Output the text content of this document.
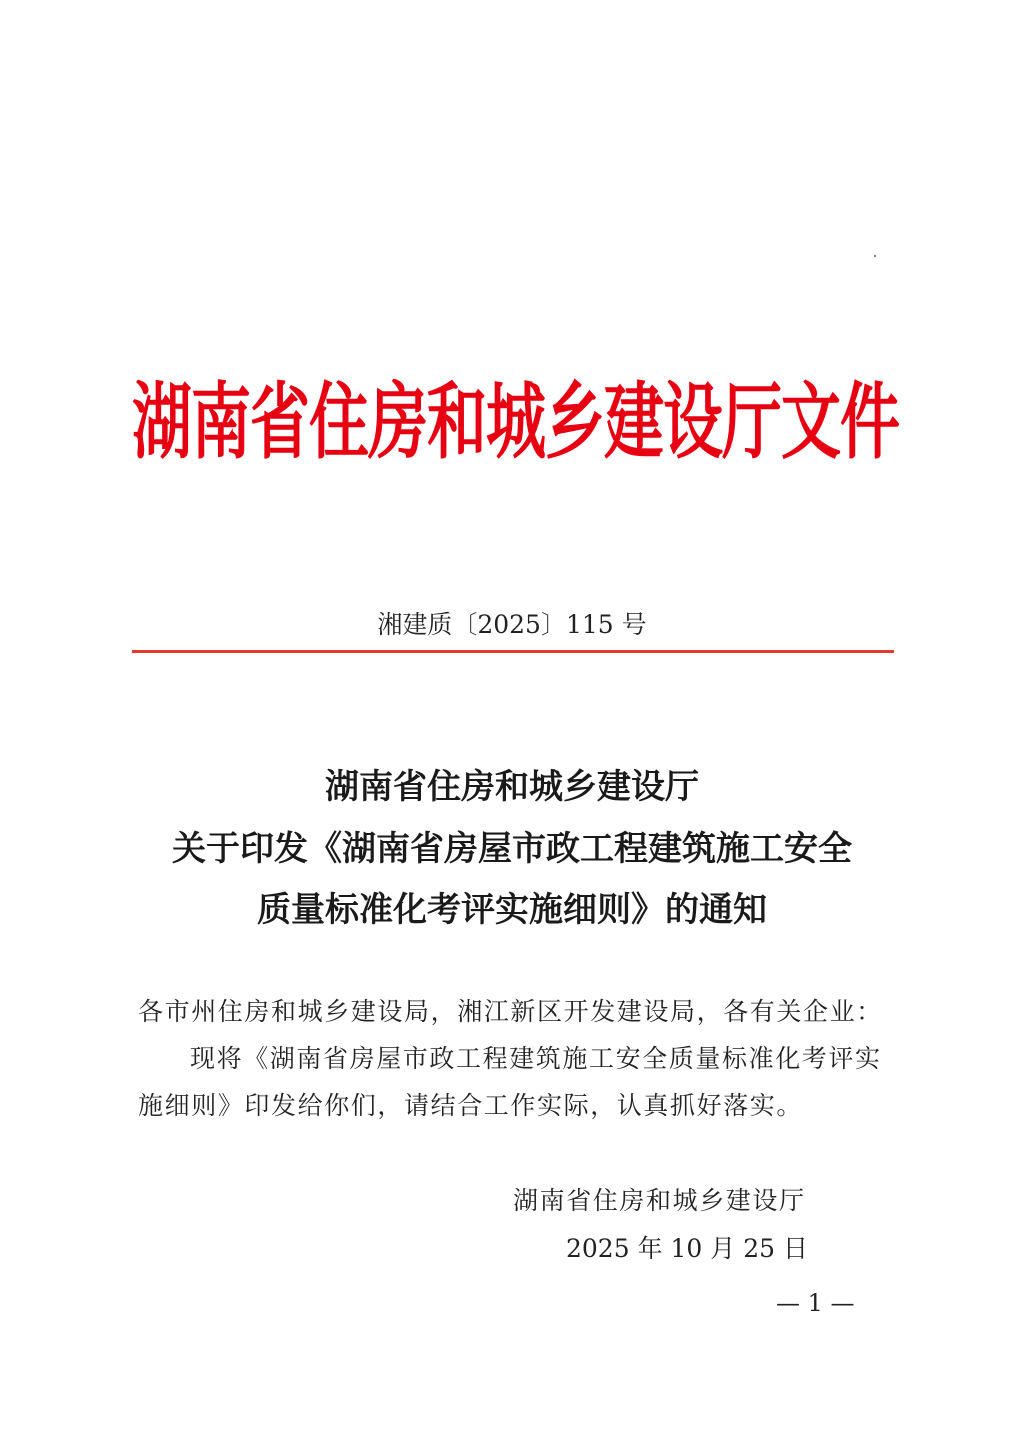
湖南省住房和城乡建设厅文件
湘建质〔2025〕115 号
湖南省住房和城乡建设厅
关于印发《湖南省房屋市政工程建筑施工安全
质量标准化考评实施细则》的通知
各市州住房和城乡建设局，湘江新区开发建设局，各有关企业：
现将《湖南省房屋市政工程建筑施工安全质量标准化考评实
施细则》印发给你们，请结合工作实际，认真抓好落实。
湖南省住房和城乡建设厅
2025 年 10 月 25 日
— 1 —
